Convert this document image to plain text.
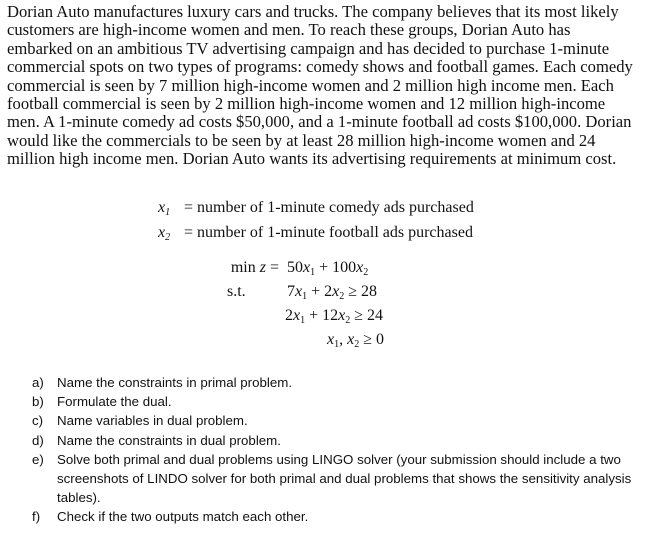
Dorian Auto manufactures luxury cars and trucks. The company believes that its most likely customers are high-income women and men. To reach these groups, Dorian Auto has embarked on an ambitious TV advertising campaign and has decided to purchase 1-minute commercial spots on two types of programs: comedy shows and football games. Each comedy commercial is seen by 7 million high-income women and 2 million high income men. Each football commercial is seen by 2 million high-income women and 12 million high-income men. A 1-minute comedy ad costs $50,000, and a 1-minute football ad costs $100,000. Dorian would like the commercials to be seen by at least 28 million high-income women and 24 million high income men. Dorian Auto wants its advertising requirements at minimum cost.

$x_1$ = number of 1-minute comedy ads purchased
$x_2$ = number of 1-minute football ads purchased
$\min z = 50x_1 + 100x_2$
s.t.	$7x_1 + 2x_2 \ge 28$
$2x_1 + 12x_2 \ge 24$
$x_1$, $x_2 \ge 0$
a) Name the constraints in primal problem.
b) Formulate the dual.
c) Name variables in dual problem.
d) Name the constraints in dual problem.
e) Solve both primal and dual problems using LINGO solver (your submission should include a two screenshots of LINDO solver for both primal and dual problems that shows the sensitivity analysis tables).
f) Check if the two outputs match each other.
